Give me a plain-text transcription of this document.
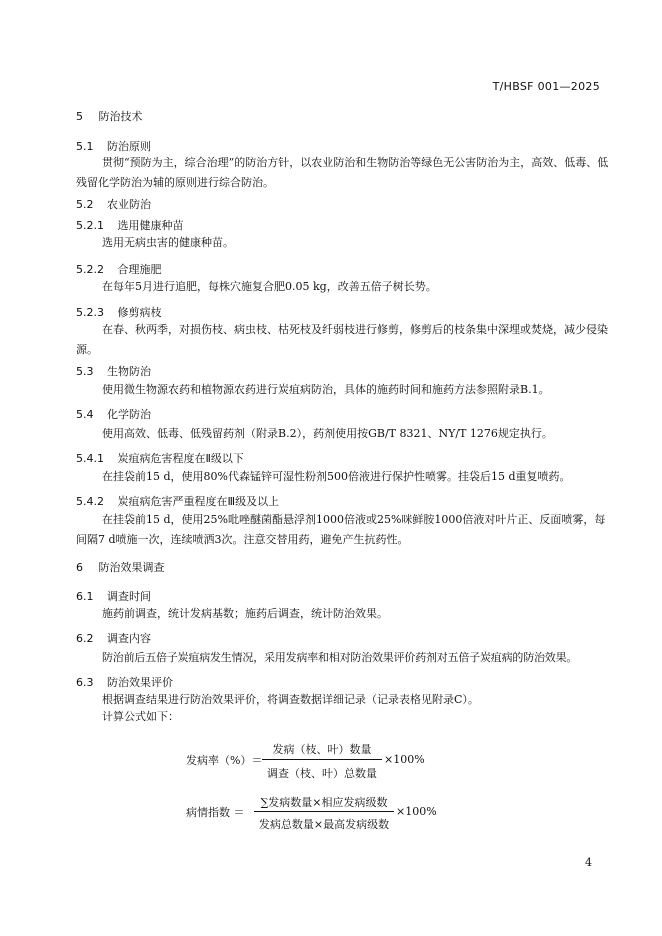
T/HBSF 001—2025
5 防治技术
5.1 防治原则
贯彻“预防为主，综合治理”的防治方针，以农业防治和生物防治等绿色无公害防治为主，高效、低毒、低残留化学防治为辅的原则进行综合防治。
5.2 农业防治
5.2.1 选用健康种苗
选用无病虫害的健康种苗。
5.2.2 合理施肥
在每年5月进行追肥，每株穴施复合肥0.05 kg，改善五倍子树长势。
5.2.3 修剪病枝
在春、秋两季，对损伤枝、病虫枝、枯死枝及纤弱枝进行修剪，修剪后的枝条集中深埋或焚烧，减少侵染源。
5.3 生物防治
使用微生物源农药和植物源农药进行炭疽病防治，具体的施药时间和施药方法参照附录B.1。
5.4 化学防治
使用高效、低毒、低残留药剂（附录B.2），药剂使用按GB/T 8321、NY/T 1276规定执行。
5.4.1 炭疽病危害程度在Ⅱ级以下
在挂袋前15 d，使用80%代森锰锌可湿性粉剂500倍液进行保护性喷雾。挂袋后15 d重复喷药。
5.4.2 炭疽病危害严重程度在Ⅲ级及以上
在挂袋前15 d，使用25%吡唑醚菌酯悬浮剂1000倍液或25%咪鲜胺1000倍液对叶片正、反面喷雾，每间隔7 d喷施一次，连续喷洒3次。注意交替用药，避免产生抗药性。
6 防治效果调查
6.1 调查时间
施药前调查，统计发病基数；施药后调查，统计防治效果。
6.2 调查内容
防治前后五倍子炭疽病发生情况，采用发病率和相对防治效果评价药剂对五倍子炭疽病的防治效果。
6.3 防治效果评价
根据调查结果进行防治效果评价，将调查数据详细记录（记录表格见附录C）。
计算公式如下：
发病率（%）＝
发病（枝、叶）数量
调查（枝、叶）总数量
×100%
病情指数 ＝
∑发病数量×相应发病级数
发病总数量×最高发病级数
×100%
4
